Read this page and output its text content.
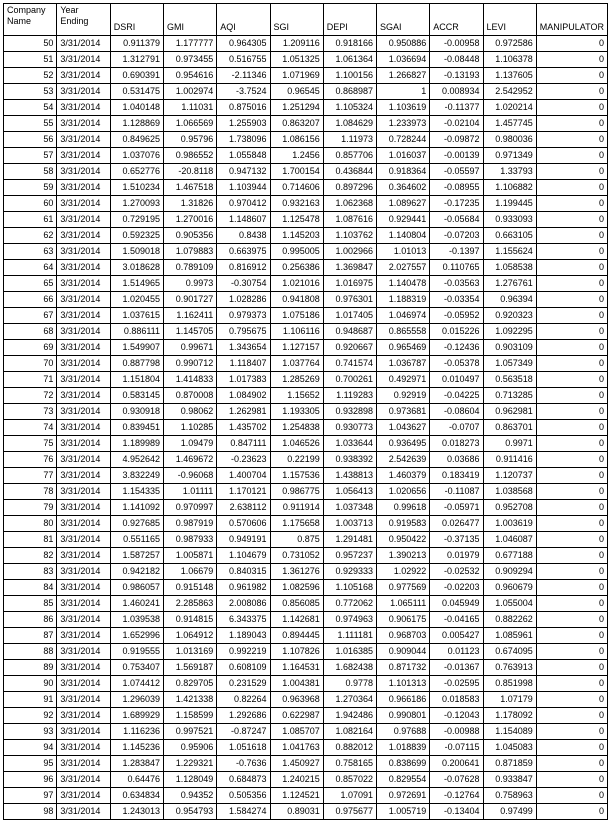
Company Name	Year Ending	DSRI	GMI	AQI	SGI	DEPI	SGAI	ACCR	LEVI	MANIPULATOR
50	3/31/2014	0.911379	1.177777	0.964305	1.209116	0.918166	0.950886	-0.00958	0.972586	0
51	3/31/2014	1.312791	0.973455	0.516755	1.051325	1.061364	1.036694	-0.08448	1.106378	0
52	3/31/2014	0.690391	0.954616	-2.11346	1.071969	1.100156	1.266827	-0.13193	1.137605	0
53	3/31/2014	0.531475	1.002974	-3.7524	0.96545	0.868987	1	0.008934	2.542952	0
54	3/31/2014	1.040148	1.11031	0.875016	1.251294	1.105324	1.103619	-0.11377	1.020214	0
55	3/31/2014	1.128869	1.066569	1.255903	0.863207	1.084629	1.233973	-0.02104	1.457745	0
56	3/31/2014	0.849625	0.95796	1.738096	1.086156	1.11973	0.728244	-0.09872	0.980036	0
57	3/31/2014	1.037076	0.986552	1.055848	1.2456	0.857706	1.016037	-0.00139	0.971349	0
58	3/31/2014	0.652776	-20.8118	0.947132	1.700154	0.436844	0.918364	-0.05597	1.33793	0
59	3/31/2014	1.510234	1.467518	1.103944	0.714606	0.897296	0.364602	-0.08955	1.106882	0
60	3/31/2014	1.270093	1.31826	0.970412	0.932163	1.062368	1.089627	-0.17235	1.199445	0
61	3/31/2014	0.729195	1.270016	1.148607	1.125478	1.087616	0.929441	-0.05684	0.933093	0
62	3/31/2014	0.592325	0.905356	0.8438	1.145203	1.103762	1.140804	-0.07203	0.663105	0
63	3/31/2014	1.509018	1.079883	0.663975	0.995005	1.002966	1.01013	-0.1397	1.155624	0
64	3/31/2014	3.018628	0.789109	0.816912	0.256386	1.369847	2.027557	0.110765	1.058538	0
65	3/31/2014	1.514965	0.9973	-0.30754	1.021016	1.016975	1.140478	-0.03563	1.276761	0
66	3/31/2014	1.020455	0.901727	1.028286	0.941808	0.976301	1.188319	-0.03354	0.96394	0
67	3/31/2014	1.037615	1.162411	0.979373	1.075186	1.017405	1.046974	-0.05952	0.920323	0
68	3/31/2014	0.886111	1.145705	0.795675	1.106116	0.948687	0.865558	0.015226	1.092295	0
69	3/31/2014	1.549907	0.99671	1.343654	1.127157	0.920667	0.965469	-0.12436	0.903109	0
70	3/31/2014	0.887798	0.990712	1.118407	1.037764	0.741574	1.036787	-0.05378	1.057349	0
71	3/31/2014	1.151804	1.414833	1.017383	1.285269	0.700261	0.492971	0.010497	0.563518	0
72	3/31/2014	0.583145	0.870008	1.084902	1.15652	1.119283	0.92919	-0.04225	0.713285	0
73	3/31/2014	0.930918	0.98062	1.262981	1.193305	0.932898	0.973681	-0.08604	0.962981	0
74	3/31/2014	0.839451	1.10285	1.435702	1.254838	0.930773	1.043627	-0.0707	0.863701	0
75	3/31/2014	1.189989	1.09479	0.847111	1.046526	1.033644	0.936495	0.018273	0.9971	0
76	3/31/2014	4.952642	1.469672	-0.23623	0.22199	0.938392	2.542639	0.03686	0.911416	0
77	3/31/2014	3.832249	-0.96068	1.400704	1.157536	1.438813	1.460379	0.183419	1.120737	0
78	3/31/2014	1.154335	1.01111	1.170121	0.986775	1.056413	1.020656	-0.11087	1.038568	0
79	3/31/2014	1.141092	0.970997	2.638112	0.911914	1.037348	0.99618	-0.05971	0.952708	0
80	3/31/2014	0.927685	0.987919	0.570606	1.175658	1.003713	0.919583	0.026477	1.003619	0
81	3/31/2014	0.551165	0.987933	0.949191	0.875	1.291481	0.950422	-0.37135	1.046087	0
82	3/31/2014	1.587257	1.005871	1.104679	0.731052	0.957237	1.390213	0.01979	0.677188	0
83	3/31/2014	0.942182	1.06679	0.840315	1.361276	0.929333	1.02922	-0.02532	0.909294	0
84	3/31/2014	0.986057	0.915148	0.961982	1.082596	1.105168	0.977569	-0.02203	0.960679	0
85	3/31/2014	1.460241	2.285863	2.008086	0.856085	0.772062	1.065111	0.045949	1.055004	0
86	3/31/2014	1.039538	0.914815	6.343375	1.142681	0.974963	0.906175	-0.04165	0.882262	0
87	3/31/2014	1.652996	1.064912	1.189043	0.894445	1.111181	0.968703	0.005427	1.085961	0
88	3/31/2014	0.919555	1.013169	0.992219	1.107826	1.016385	0.909044	0.01123	0.674095	0
89	3/31/2014	0.753407	1.569187	0.608109	1.164531	1.682438	0.871732	-0.01367	0.763913	0
90	3/31/2014	1.074412	0.829705	0.231529	1.004381	0.9778	1.101313	-0.02595	0.851998	0
91	3/31/2014	1.296039	1.421338	0.82264	0.963968	1.270364	0.966186	0.018583	1.07179	0
92	3/31/2014	1.689929	1.158599	1.292686	0.622987	1.942486	0.990801	-0.12043	1.178092	0
93	3/31/2014	1.116236	0.997521	-0.87247	1.085707	1.082164	0.97688	-0.00988	1.154089	0
94	3/31/2014	1.145236	0.95906	1.051618	1.041763	0.882012	1.018839	-0.07115	1.045083	0
95	3/31/2014	1.283847	1.229321	-0.7636	1.450927	0.758165	0.838699	0.200641	0.871859	0
96	3/31/2014	0.64476	1.128049	0.684873	1.240215	0.857022	0.829554	-0.07628	0.933847	0
97	3/31/2014	0.634834	0.94352	0.505356	1.124521	1.07091	0.972691	-0.12764	0.758963	0
98	3/31/2014	1.243013	0.954793	1.584274	0.89031	0.975677	1.005719	-0.13404	0.97499	0
